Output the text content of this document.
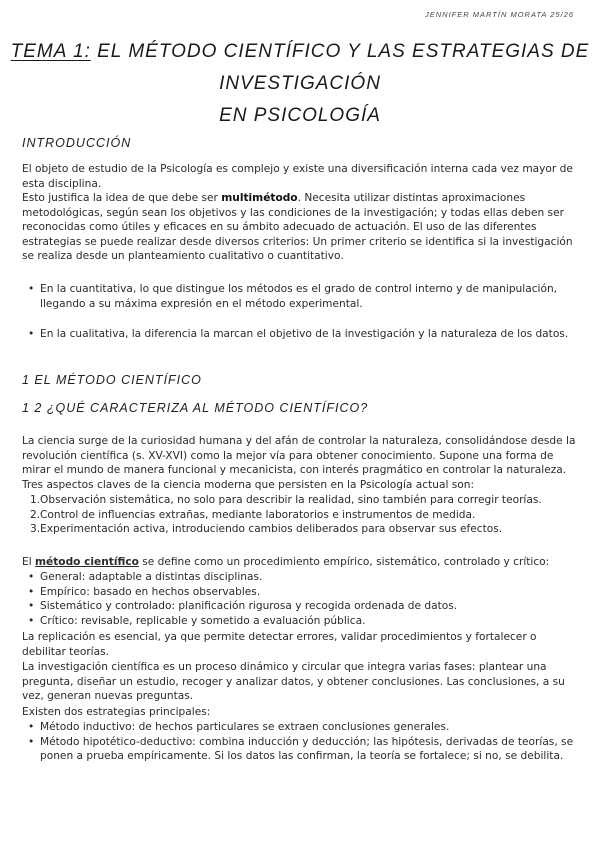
JENNIFER MARTÍN MORATA 25/26
TEMA 1: EL MÉTODO CIENTÍFICO Y LAS ESTRATEGIAS DE INVESTIGACIÓN
EN PSICOLOGÍA
INTRODUCCIÓN
El objeto de estudio de la Psicología es complejo y existe una diversificación interna cada vez mayor de esta disciplina.
Esto justifica la idea de que debe ser multimétodo. Necesita utilizar distintas aproximaciones metodológicas, según sean los objetivos y las condiciones de la investigación; y todas ellas deben ser reconocidas como útiles y eficaces en su ámbito adecuado de actuación. El uso de las diferentes estrategias se puede realizar desde diversos criterios: Un primer criterio se identifica si la investigación se realiza desde un planteamiento cualitativo o cuantitativo.
• En la cuantitativa, lo que distingue los métodos es el grado de control interno y de manipulación, llegando a su máxima expresión en el método experimental.
• En la cualitativa, la diferencia la marcan el objetivo de la investigación y la naturaleza de los datos.
1 EL MÉTODO CIENTÍFICO
1 2 ¿QUÉ CARACTERIZA AL MÉTODO CIENTÍFICO?
La ciencia surge de la curiosidad humana y del afán de controlar la naturaleza, consolidándose desde la revolución científica (s. XV-XVI) como la mejor vía para obtener conocimiento. Supone una forma de mirar el mundo de manera funcional y mecanicista, con interés pragmático en controlar la naturaleza.
Tres aspectos claves de la ciencia moderna que persisten en la Psicología actual son:
1. Observación sistemática, no solo para describir la realidad, sino también para corregir teorías.
2. Control de influencias extrañas, mediante laboratorios e instrumentos de medida.
3. Experimentación activa, introduciendo cambios deliberados para observar sus efectos.
El método científico se define como un procedimiento empírico, sistemático, controlado y crítico:
• General: adaptable a distintas disciplinas.
• Empírico: basado en hechos observables.
• Sistemático y controlado: planificación rigurosa y recogida ordenada de datos.
• Crítico: revisable, replicable y sometido a evaluación pública.
La replicación es esencial, ya que permite detectar errores, validar procedimientos y fortalecer o debilitar teorías.
La investigación científica es un proceso dinámico y circular que integra varias fases: plantear una pregunta, diseñar un estudio, recoger y analizar datos, y obtener conclusiones. Las conclusiones, a su vez, generan nuevas preguntas.
Existen dos estrategias principales:
• Método inductivo: de hechos particulares se extraen conclusiones generales.
• Método hipotético-deductivo: combina inducción y deducción; las hipótesis, derivadas de teorías, se ponen a prueba empíricamente. Si los datos las confirman, la teoría se fortalece; si no, se debilita.
